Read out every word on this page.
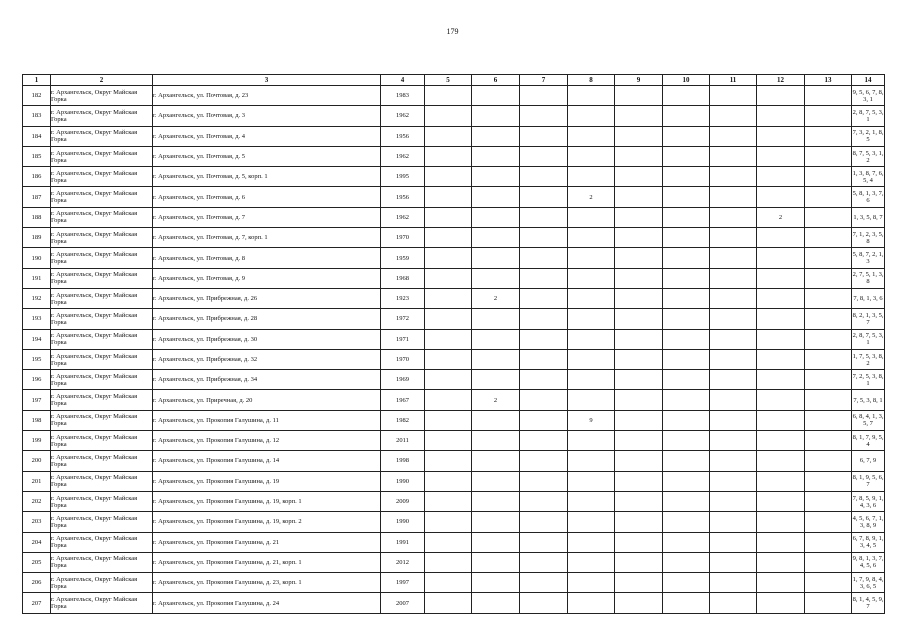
179
1	2	3	4	5	6	7	8	9	10	11	12	13	14
182	г. Архангельск, Округ Майская Горка	г. Архангельск, ул. Почтовая, д. 23	1983										9, 5, 6, 7, 8, 3, 1
183	г. Архангельск, Округ Майская Горка	г. Архангельск, ул. Почтовая, д. 3	1962										2, 8, 7, 5, 3, 1
184	г. Архангельск, Округ Майская Горка	г. Архангельск, ул. Почтовая, д. 4	1956										7, 3, 2, 1, 8, 5
185	г. Архангельск, Округ Майская Горка	г. Архангельск, ул. Почтовая, д. 5	1962										8, 7, 5, 3, 1, 2
186	г. Архангельск, Округ Майская Горка	г. Архангельск, ул. Почтовая, д. 5, корп. 1	1995										1, 3, 8, 7, 6, 5, 4
187	г. Архангельск, Округ Майская Горка	г. Архангельск, ул. Почтовая, д. 6	1956				2						5, 8, 1, 3, 7, 6
188	г. Архангельск, Округ Майская Горка	г. Архангельск, ул. Почтовая, д. 7	1962								2		1, 3, 5, 8, 7
189	г. Архангельск, Округ Майская Горка	г. Архангельск, ул. Почтовая, д. 7, корп. 1	1970										7, 1, 2, 3, 5, 8
190	г. Архангельск, Округ Майская Горка	г. Архангельск, ул. Почтовая, д. 8	1959										5, 8, 7, 2, 1, 3
191	г. Архангельск, Округ Майская Горка	г. Архангельск, ул. Почтовая, д. 9	1968										2, 7, 5, 1, 3, 8
192	г. Архангельск, Округ Майская Горка	г. Архангельск, ул. Прибрежная, д. 26	1923		2								7, 8, 1, 3, 6
193	г. Архангельск, Округ Майская Горка	г. Архангельск, ул. Прибрежная, д. 28	1972										8, 2, 1, 3, 5, 7
194	г. Архангельск, Округ Майская Горка	г. Архангельск, ул. Прибрежная, д. 30	1971										2, 8, 7, 5, 3, 1
195	г. Архангельск, Округ Майская Горка	г. Архангельск, ул. Прибрежная, д. 32	1970										1, 7, 5, 3, 8, 2
196	г. Архангельск, Округ Майская Горка	г. Архангельск, ул. Прибрежная, д. 34	1969										7, 2, 5, 3, 8, 1
197	г. Архангельск, Округ Майская Горка	г. Архангельск, ул. Приречная, д. 20	1967		2								7, 5, 3, 8, 1
198	г. Архангельск, Округ Майская Горка	г. Архангельск, ул. Прокопия Галушина, д. 11	1982				9						6, 8, 4, 1, 3, 5, 7
199	г. Архангельск, Округ Майская Горка	г. Архангельск, ул. Прокопия Галушина, д. 12	2011										8, 1, 7, 9, 5, 4
200	г. Архангельск, Округ Майская Горка	г. Архангельск, ул. Прокопия Галушина, д. 14	1998										6, 7, 9
201	г. Архангельск, Округ Майская Горка	г. Архангельск, ул. Прокопия Галушина, д. 19	1990										8, 1, 9, 5, 6, 7
202	г. Архангельск, Округ Майская Горка	г. Архангельск, ул. Прокопия Галушина, д. 19, корп. 1	2009										7, 8, 5, 9, 1, 4, 3, 6
203	г. Архангельск, Округ Майская Горка	г. Архангельск, ул. Прокопия Галушина, д. 19, корп. 2	1990										4, 5, 6, 7, 1, 3, 8, 9
204	г. Архангельск, Округ Майская Горка	г. Архангельск, ул. Прокопия Галушина, д. 21	1991										6, 7, 8, 9, 1, 3, 4, 5
205	г. Архангельск, Округ Майская Горка	г. Архангельск, ул. Прокопия Галушина, д. 21, корп. 1	2012										9, 8, 1, 3, 7, 4, 5, 6
206	г. Архангельск, Округ Майская Горка	г. Архангельск, ул. Прокопия Галушина, д. 23, корп. 1	1997										1, 7, 9, 8, 4, 3, 6, 5
207	г. Архангельск, Округ Майская Горка	г. Архангельск, ул. Прокопия Галушина, д. 24	2007										8, 1, 4, 5, 9, 7
